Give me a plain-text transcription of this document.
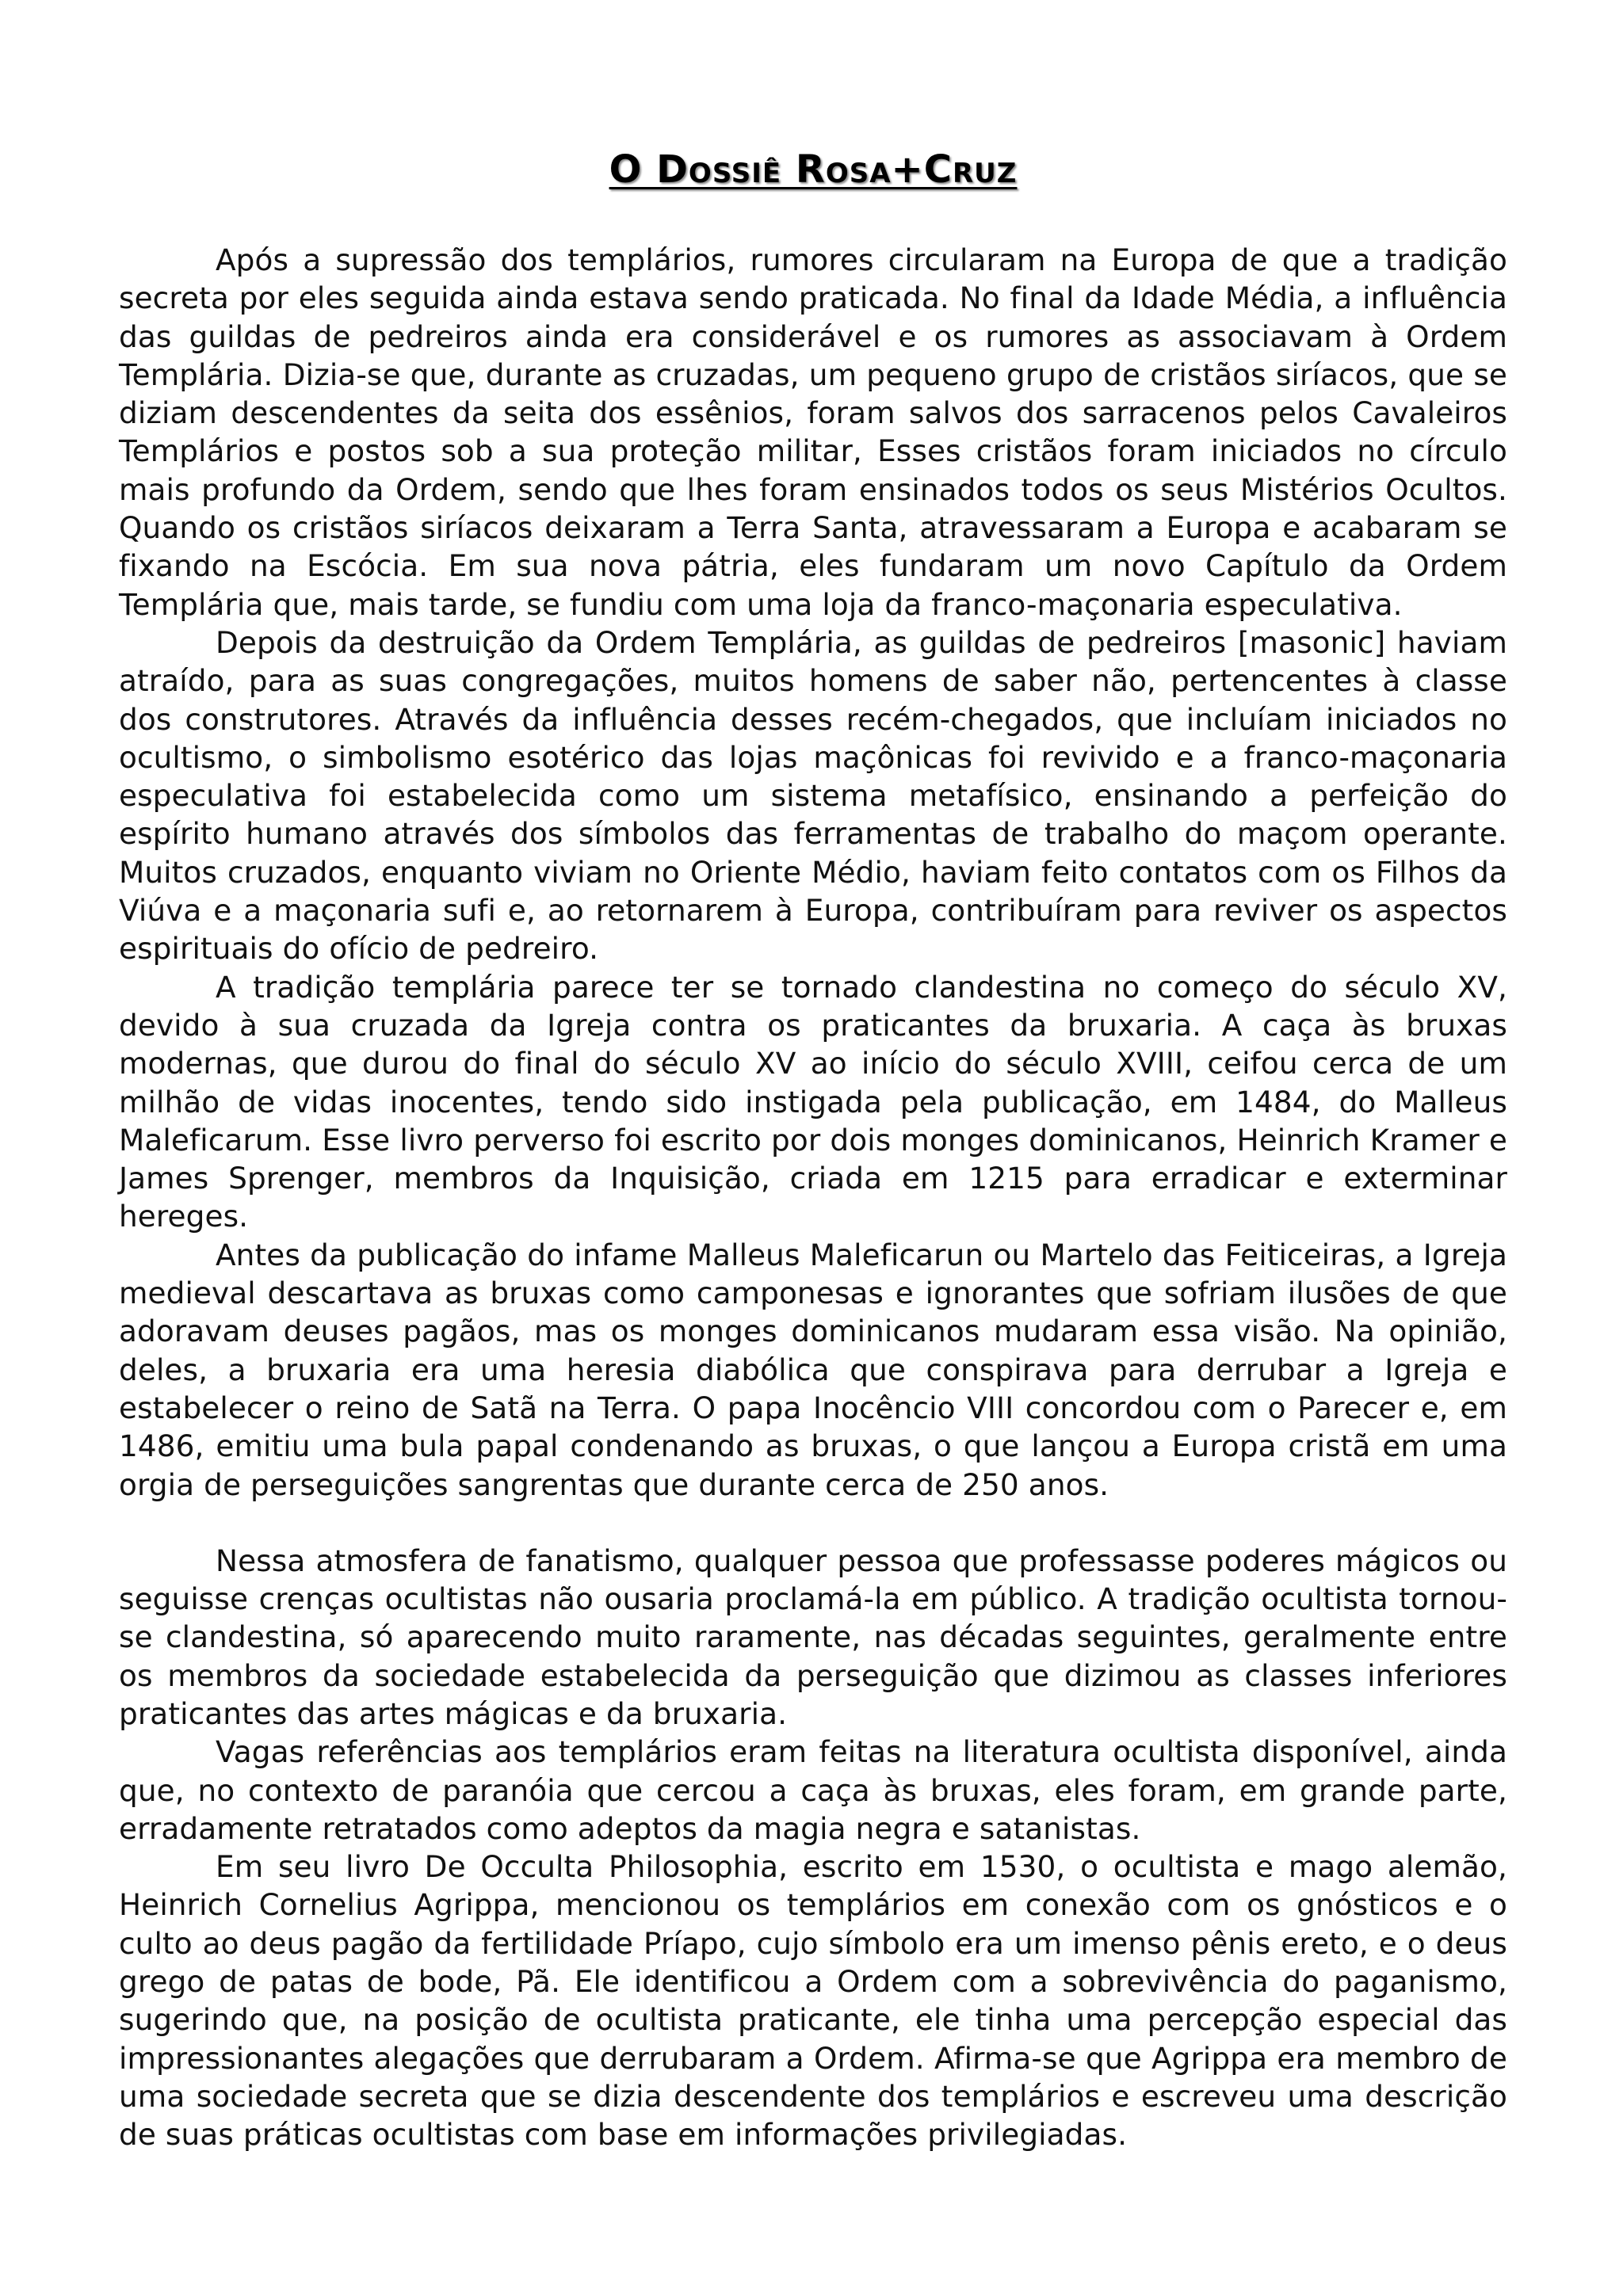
O Dossiê Rosa+Cruz

Após a supressão dos templários, rumores circularam na Europa de que a tradição secreta por eles seguida ainda estava sendo praticada. No final da Idade Média, a influência das guildas de pedreiros ainda era considerável e os rumores as associavam à Ordem Templária. Dizia-se que, durante as cruzadas, um pequeno grupo de cristãos siríacos, que se diziam descendentes da seita dos essênios, foram salvos dos sarracenos pelos Cavaleiros Templários e postos sob a sua proteção militar, Esses cristãos foram iniciados no círculo mais profundo da Ordem, sendo que lhes foram ensinados todos os seus Mistérios Ocultos. Quando os cristãos siríacos deixaram a Terra Santa, atravessaram a Europa e acabaram se fixando na Escócia. Em sua nova pátria, eles fundaram um novo Capítulo da Ordem Templária que, mais tarde, se fundiu com uma loja da franco-maçonaria especulativa.

Depois da destruição da Ordem Templária, as guildas de pedreiros [masonic] haviam atraído, para as suas congregações, muitos homens de saber não, pertencentes à classe dos construtores. Através da influência desses recém-chegados, que incluíam iniciados no ocultismo, o simbolismo esotérico das lojas maçônicas foi revivido e a franco-maçonaria especulativa foi estabelecida como um sistema metafísico, ensinando a perfeição do espírito humano através dos símbolos das ferramentas de trabalho do maçom operante. Muitos cruzados, enquanto viviam no Oriente Médio, haviam feito contatos com os Filhos da Viúva e a maçonaria sufi e, ao retornarem à Europa, contribuíram para reviver os aspectos espirituais do ofício de pedreiro.

A tradição templária parece ter se tornado clandestina no começo do século XV, devido à sua cruzada da Igreja contra os praticantes da bruxaria. A caça às bruxas modernas, que durou do final do século XV ao início do século XVIII, ceifou cerca de um milhão de vidas inocentes, tendo sido instigada pela publicação, em 1484, do Malleus Maleficarum. Esse livro perverso foi escrito por dois monges dominicanos, Heinrich Kramer e James Sprenger, membros da Inquisição, criada em 1215 para erradicar e exterminar hereges.

Antes da publicação do infame Malleus Maleficarun ou Martelo das Feiticeiras, a Igreja medieval descartava as bruxas como camponesas e ignorantes que sofriam ilusões de que adoravam deuses pagãos, mas os monges dominicanos mudaram essa visão. Na opinião, deles, a bruxaria era uma heresia diabólica que conspirava para derrubar a Igreja e estabelecer o reino de Satã na Terra. O papa Inocêncio VIII concordou com o Parecer e, em 1486, emitiu uma bula papal condenando as bruxas, o que lançou a Europa cristã em uma orgia de perseguições sangrentas que durante cerca de 250 anos.

Nessa atmosfera de fanatismo, qualquer pessoa que professasse poderes mágicos ou seguisse crenças ocultistas não ousaria proclamá-la em público. A tradição ocultista tornou-se clandestina, só aparecendo muito raramente, nas décadas seguintes, geralmente entre os membros da sociedade estabelecida da perseguição que dizimou as classes inferiores praticantes das artes mágicas e da bruxaria.

Vagas referências aos templários eram feitas na literatura ocultista disponível, ainda que, no contexto de paranóia que cercou a caça às bruxas, eles foram, em grande parte, erradamente retratados como adeptos da magia negra e satanistas.

Em seu livro De Occulta Philosophia, escrito em 1530, o ocultista e mago alemão, Heinrich Cornelius Agrippa, mencionou os templários em conexão com os gnósticos e o culto ao deus pagão da fertilidade Príapo, cujo símbolo era um imenso pênis ereto, e o deus grego de patas de bode, Pã. Ele identificou a Ordem com a sobrevivência do paganismo, sugerindo que, na posição de ocultista praticante, ele tinha uma percepção especial das impressionantes alegações que derrubaram a Ordem. Afirma-se que Agrippa era membro de uma sociedade secreta que se dizia descendente dos templários e escreveu uma descrição de suas práticas ocultistas com base em informações privilegiadas.
